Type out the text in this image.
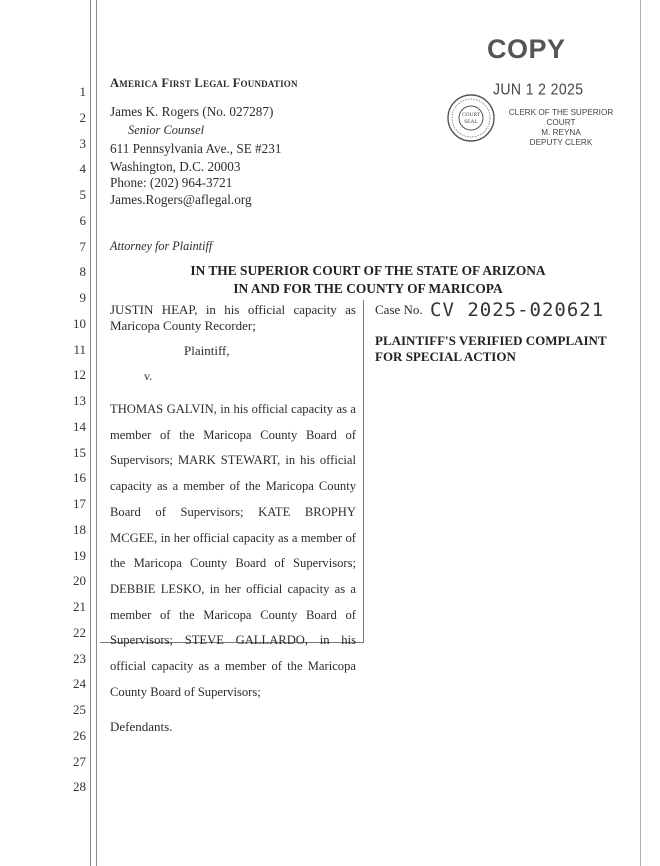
1
2
3
4
5
6
7
8
9
10
11
12
13
14
15
16
17
18
19
20
21
22
23
24
25
26
27
28
COPY
JUN 1 2 2025
COURT
SEAL
CLERK OF THE SUPERIOR COURT
M. REYNA
DEPUTY CLERK
America First Legal Foundation
James K. Rogers (No. 027287)
Senior Counsel
611 Pennsylvania Ave., SE #231
Washington, D.C. 20003
Phone: (202) 964-3721
James.Rogers@aflegal.org
Attorney for Plaintiff
IN THE SUPERIOR COURT OF THE STATE OF ARIZONA
IN AND FOR THE COUNTY OF MARICOPA
JUSTIN HEAP, in his official capacity as Maricopa County Recorder;
Plaintiff,
v.
THOMAS GALVIN, in his official capacity as a member of the Maricopa County Board of Supervisors; MARK STEWART, in his official capacity as a member of the Maricopa County Board of Supervisors; KATE BROPHY MCGEE, in her official capacity as a member of the Maricopa County Board of Supervisors; DEBBIE LESKO, in her official capacity as a member of the Maricopa County Board of Supervisors; STEVE GALLARDO, in his official capacity as a member of the Maricopa County Board of Supervisors;
Defendants.
Case No. CV 2025-020621
PLAINTIFF'S VERIFIED COMPLAINT FOR SPECIAL ACTION
